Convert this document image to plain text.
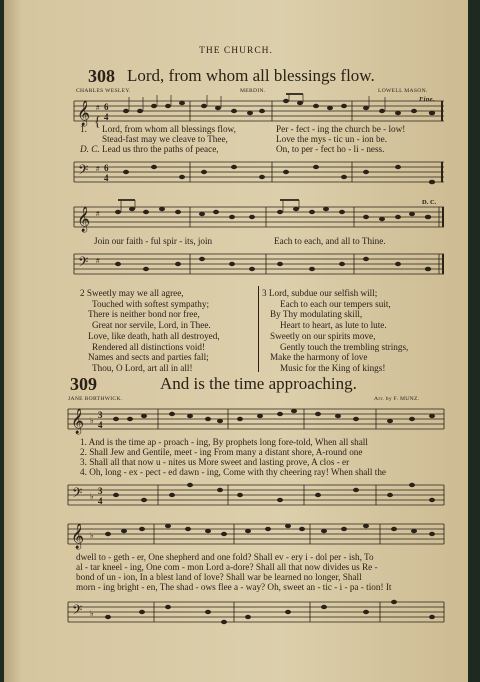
THE CHURCH.
308 Lord, from whom all blessings flow.
CHARLES WESLEY.	MERDIN.	LOWELL MASON.
Fine.
𝄞 # 6
4
1. { Lord, from whom all blessings flow,	Per - fect - ing the church be - low!
Stead-fast may we cleave to Thee,	Love the mys - tic un - ion be.
D. C. Lead us thro the paths of peace,	On, to per - fect ho - li - ness.
𝄢 # 6
4
𝄞 #
D. C.
Join our faith - ful spir - its, join	Each to each, and all to Thine.
𝄢 #
2 Sweetly may we all agree,
Touched with softest sympathy;
There is neither bond nor free,
Great nor servile, Lord, in Thee.
Love, like death, hath all destroyed,
Rendered all distinctions void!
Names and sects and parties fall;
Thou, O Lord, art all in all!
3 Lord, subdue our selfish will;
Each to each our tempers suit,
By Thy modulating skill,
Heart to heart, as lute to lute.
Sweetly on our spirits move,
Gently touch the trembling strings,
Make the harmony of love
Music for the King of kings!
309	And is the time approaching.
JANE BORTHWICK.	Arr. by F. MUNZ.
𝄞 ♭
3
4
1. And is the time ap - proach - ing, By prophets long fore-told, When all shall
2. Shall Jew and Gentile, meet - ing From many a distant shore, A-round one
3. Shall all that now u - nites us More sweet and lasting prove, A clos - er
4. Oh, long - ex - pect - ed dawn - ing, Come with thy cheering ray! When shall the
𝄢 ♭
3
4
𝄞 ♭
dwell to - geth - er, One shepherd and one fold? Shall ev - ery i - dol per - ish, To
al - tar kneel - ing, One com - mon Lord a-dore? Shall all that now divides us Re -
bond of un - ion, In a blest land of love? Shall war be learned no longer, Shall
morn - ing bright - en, The shad - ows flee a - way? Oh, sweet an - tic - i - pa - tion! It
𝄢 ♭
